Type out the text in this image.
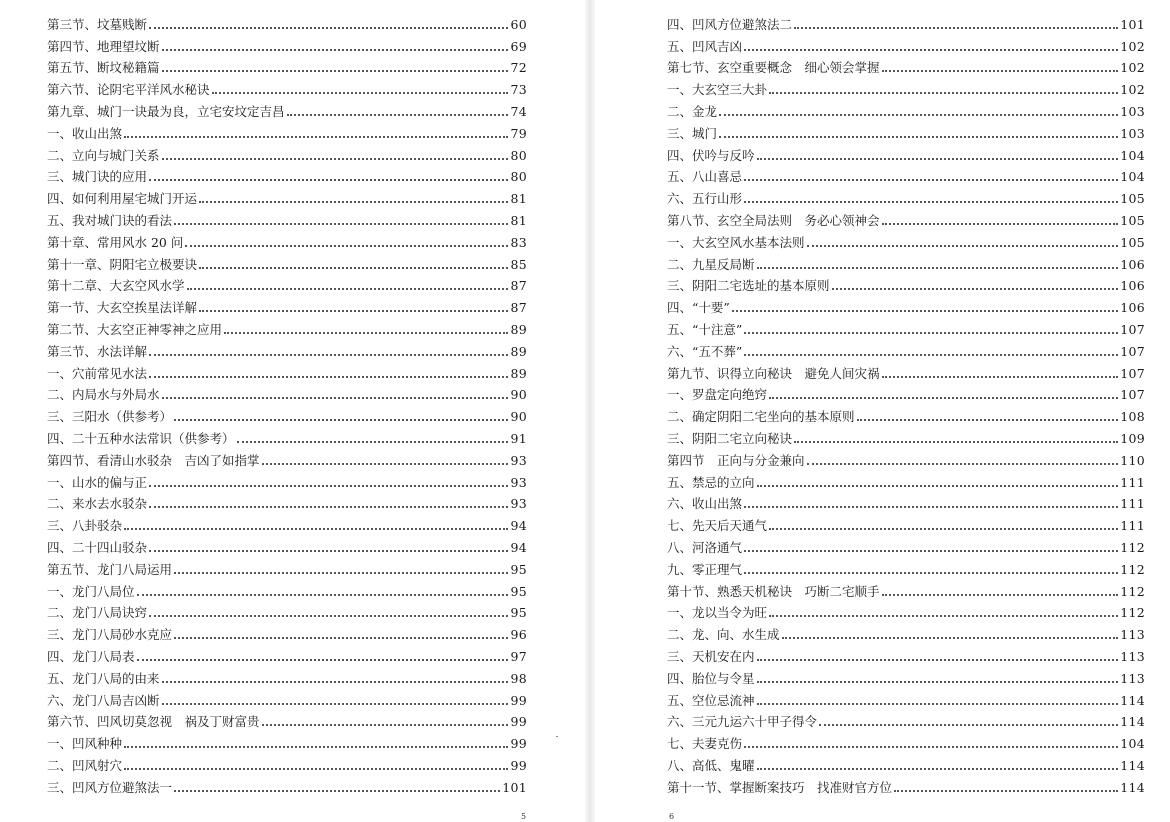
第三节、坟墓贱断	60
第四节、地理望坟断	69
第五节、断坟秘籍篇	72
第六节、论阴宅平洋风水秘诀	73
第九章、城门一诀最为良，立宅安坟定吉昌	74
一、收山出煞	79
二、立向与城门关系	80
三、城门诀的应用	80
四、如何利用屋宅城门开运	81
五、我对城门诀的看法	81
第十章、常用风水 20 问	83
第十一章、阴阳宅立极要诀	85
第十二章、大玄空风水学	87
第一节、大玄空挨星法详解	87
第二节、大玄空正神零神之应用	89
第三节、水法详解	89
一、穴前常见水法	89
二、内局水与外局水	90
三、三阳水（供参考）	90
四、二十五种水法常识（供参考）	91
第四节、看清山水驳杂　吉凶了如指掌	93
一、山水的偏与正	93
二、来水去水驳杂	93
三、八卦驳杂	94
四、二十四山驳杂	94
第五节、龙门八局运用	95
一、龙门八局位	95
二、龙门八局诀窍	95
三、龙门八局砂水克应	96
四、龙门八局表	97
五、龙门八局的由来	98
六、龙门八局吉凶断	99
第六节、凹风切莫忽视　祸及丁财富贵	99
一、凹风种种	99
二、凹风射穴	99
三、凹风方位避煞法一	101
5
四、凹风方位避煞法二	101
五、凹风吉凶	102
第七节、玄空重要概念　细心领会掌握	102
一、大玄空三大卦	102
二、金龙	103
三、城门	103
四、伏吟与反吟	104
五、八山喜忌	104
六、五行山形	105
第八节、玄空全局法则　务必心领神会	105
一、大玄空风水基本法则	105
二、九星反局断	106
三、阴阳二宅选址的基本原则	106
四、“十要”	106
五、“十注意”	107
六、“五不葬”	107
第九节、识得立向秘诀　避免人间灾祸	107
一、罗盘定向绝窍	107
二、确定阴阳二宅坐向的基本原则	108
三、阴阳二宅立向秘诀	109
第四节　正向与分金兼向	110
五、禁忌的立向	111
六、收山出煞	111
七、先天后天通气	111
八、河洛通气	112
九、零正理气	112
第十节、熟悉天机秘诀　巧断二宅顺手	112
一、龙以当令为旺	112
二、龙、向、水生成	113
三、天机安在内	113
四、胎位与令星	113
五、空位忌流神	114
六、三元九运六十甲子得令	114
七、夫妻克伤	104
八、高低、鬼曜	114
第十一节、掌握断案技巧　找准财官方位	114
6
